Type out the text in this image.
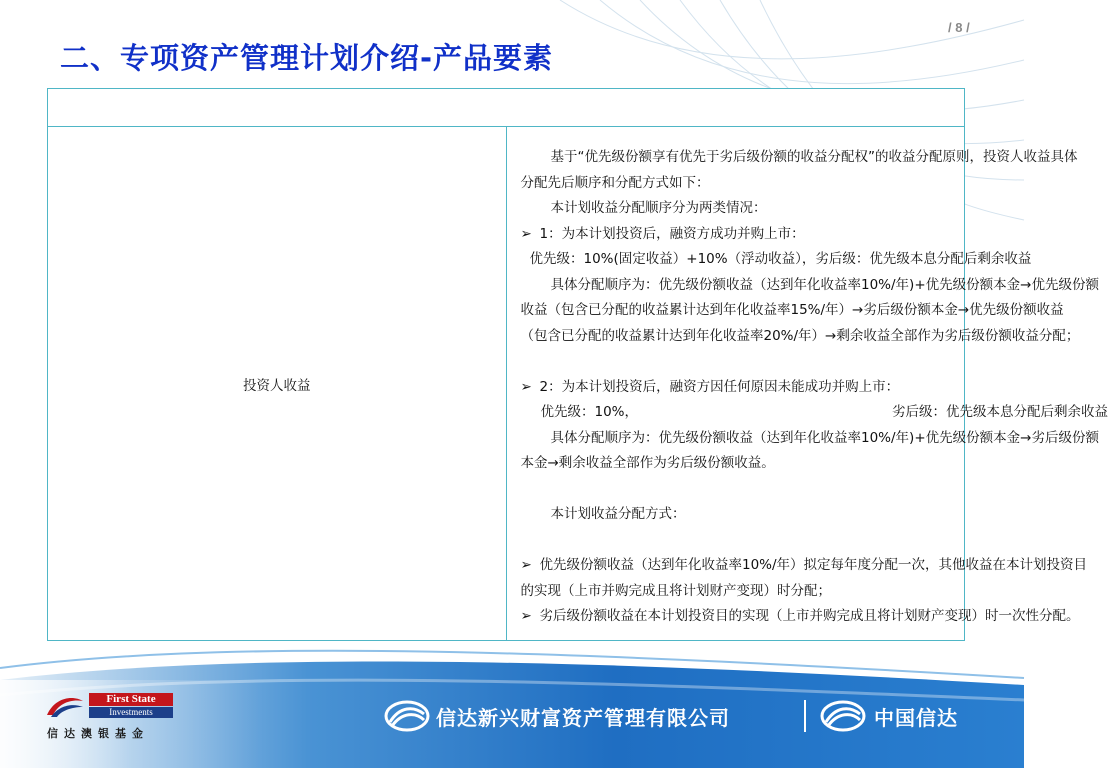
/ 8 /
二、专项资产管理计划介绍-产品要素

投资人收益	
基于“优先级份额享有优先于劣后级份额的收益分配权”的收益分配原则，投资人收益具体
分配先后顺序和分配方式如下：
本计划收益分配顺序分为两类情况：
➢ 1：为本计划投资后，融资方成功并购上市：
优先级：10%(固定收益）+10%（浮动收益），劣后级：优先级本息分配后剩余收益
具体分配顺序为：优先级份额收益（达到年化收益率10%/年)+优先级份额本金→优先级份额
收益（包含已分配的收益累计达到年化收益率15%/年）→劣后级份额本金→优先级份额收益
（包含已分配的收益累计达到年化收益率20%/年）→剩余收益全部作为劣后级份额收益分配；
➢ 2：为本计划投资后，融资方因任何原因未能成功并购上市：
优先级：10%，	劣后级：优先级本息分配后剩余收益
具体分配顺序为：优先级份额收益（达到年化收益率10%/年)+优先级份额本金→劣后级份额
本金→剩余收益全部作为劣后级份额收益。
本计划收益分配方式：
➢ 优先级份额收益（达到年化收益率10%/年）拟定每年度分配一次，其他收益在本计划投资目
的实现（上市并购完成且将计划财产变现）时分配；
➢ 劣后级份额收益在本计划投资目的实现（上市并购完成且将计划财产变现）时一次性分配。
First State
Investments
信达澳银基金
信达新兴财富资产管理有限公司	中国信达
